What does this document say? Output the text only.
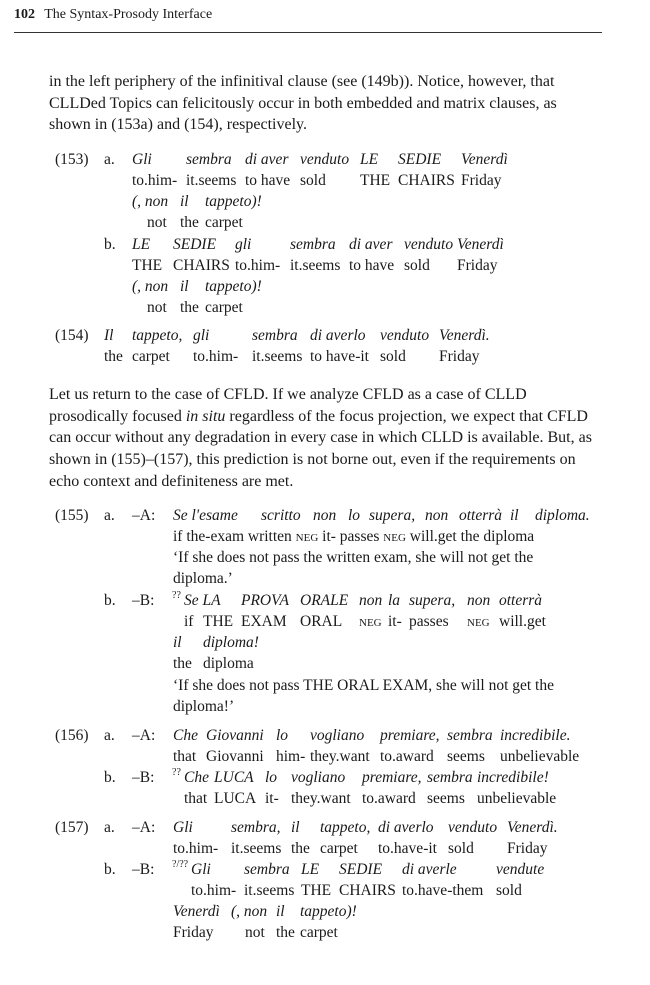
102 The Syntax-Prosody Interface

in the left periphery of the infinitival clause (see (149b)). Notice, however, that CLLDed Topics can felicitously occur in both embedded and matrix clauses, as shown in (153a) and (154), respectively.

(153) a. Gli sembra di aver venduto LE SEDIE Venerdì
to.him- it.seems to have sold THE CHAIRS Friday
(, non il tappeto)!
not the carpet
b. LE SEDIE gli sembra di aver venduto Venerdì
THE CHAIRS to.him- it.seems to have sold Friday
(, non il tappeto)!
not the carpet
(154) Il tappeto, gli	sembra di averlo venduto Venerdì.
the carpet to.him- it.seems to have-it sold Friday

Let us return to the case of CFLD. If we analyze CFLD as a case of CLLD prosodically focused in situ regardless of the focus projection, we expect that CFLD can occur without any degradation in every case in which CLLD is available. But, as shown in (155)–(157), this prediction is not borne out, even if the requirements on echo context and definiteness are met.

(155) a. –A: Se l'esame scritto non lo supera, non otterrà il diploma.
if the-exam written neg it- passes neg will.get the diploma
‘If she does not pass the written exam, she will not get the
diploma.’
b. –B: ?? Se LA PROVA ORALE non la supera, non otterrà
if THE EXAM ORAL neg it- passes neg will.get
il diploma!
the diploma
‘If she does not pass THE ORAL EXAM, she will not get the
diploma!’
(156) a. –A: Che Giovanni lo vogliano premiare, sembra incredibile.
that Giovanni him- they.want to.award seems unbelievable
b. –B: ?? Che LUCA lo vogliano premiare, sembra incredibile!
that LUCA it- they.want to.award seems unbelievable
(157) a. –A: Gli sembra, il tappeto, di averlo venduto Venerdì.
to.him- it.seems the carpet to.have-it sold Friday
b. –B: ?/?? Gli sembra LE SEDIE di averle	vendute
to.him- it.seems THE CHAIRS to.have-them sold
Venerdì (, non il tappeto)!
Friday not the carpet
